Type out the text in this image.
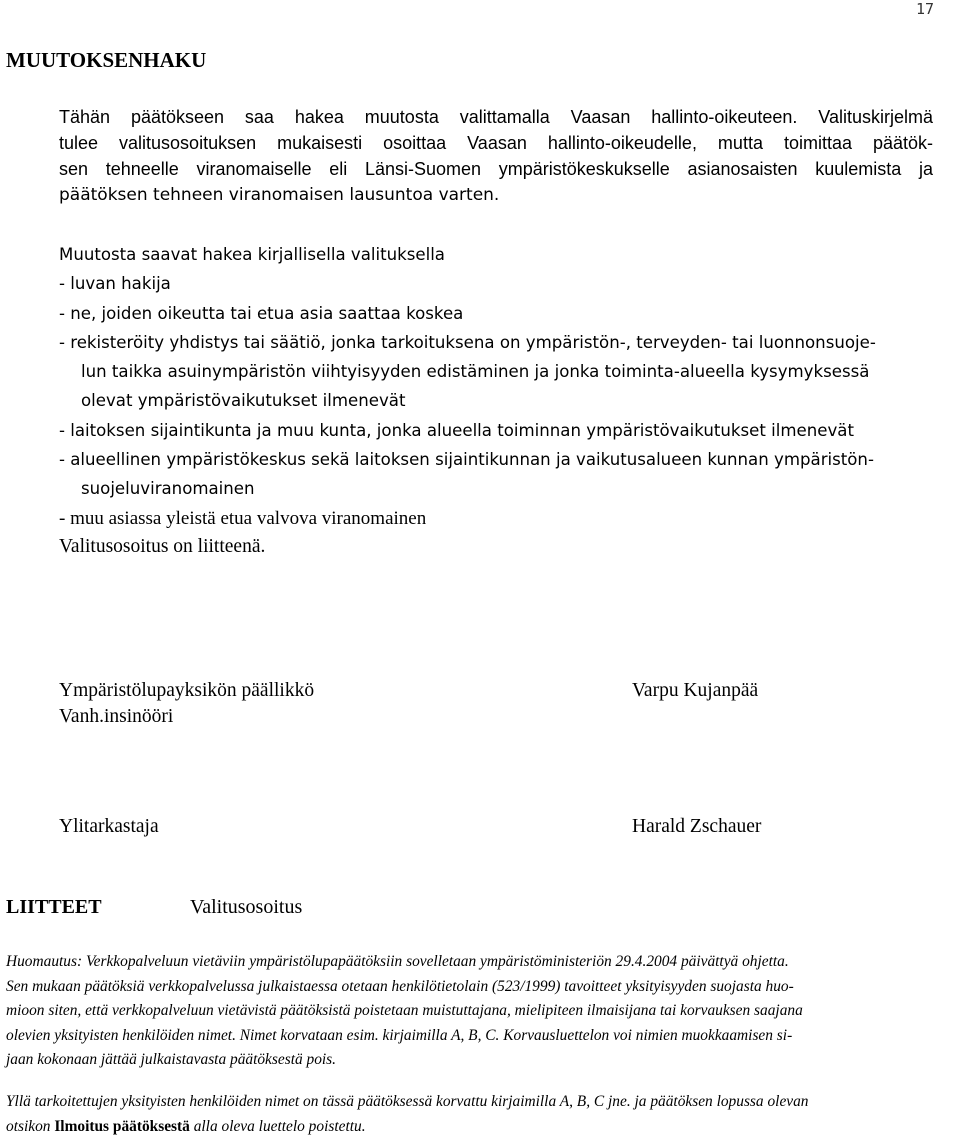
17
MUUTOKSENHAKU

Tähän päätökseen saa hakea muutosta valittamalla Vaasan hallinto-oikeuteen. Valituskirjelmä
tulee valitusosoituksen mukaisesti osoittaa Vaasan hallinto-oikeudelle, mutta toimittaa päätök-
sen tehneelle viranomaiselle eli Länsi-Suomen ympäristökeskukselle asianosaisten kuulemista ja
päätöksen tehneen viranomaisen lausuntoa varten.

Muutosta saavat hakea kirjallisella valituksella
- luvan hakija
- ne, joiden oikeutta tai etua asia saattaa koskea
- rekisteröity yhdistys tai säätiö, jonka tarkoituksena on ympäristön-, terveyden- tai luonnonsuoje-
lun taikka asuinympäristön viihtyisyyden edistäminen ja jonka toiminta-alueella kysymyksessä
olevat ympäristövaikutukset ilmenevät
- laitoksen sijaintikunta ja muu kunta, jonka alueella toiminnan ympäristövaikutukset ilmenevät
- alueellinen ympäristökeskus sekä laitoksen sijaintikunnan ja vaikutusalueen kunnan ympäristön-
suojeluviranomainen
- muu asiassa yleistä etua valvova viranomainen
Valitusosoitus on liitteenä.
Ympäristölupayksikön päällikkö
Vanh.insinööri
Varpu Kujanpää
Ylitarkastaja	Harald Zschauer
LIITTEET	Valitusosoitus

Huomautus: Verkkopalveluun vietäviin ympäristölupapäätöksiin sovelletaan ympäristöministeriön 29.4.2004 päivättyä ohjetta.
Sen mukaan päätöksiä verkkopalvelussa julkaistaessa otetaan henkilötietolain (523/1999) tavoitteet yksityisyyden suojasta huo-
mioon siten, että verkkopalveluun vietävistä päätöksistä poistetaan muistuttajana, mielipiteen ilmaisijana tai korvauksen saajana
olevien yksityisten henkilöiden nimet. Nimet korvataan esim. kirjaimilla A, B, C. Korvausluettelon voi nimien muokkaamisen si-
jaan kokonaan jättää julkaistavasta päätöksestä pois.

Yllä tarkoitettujen yksityisten henkilöiden nimet on tässä päätöksessä korvattu kirjaimilla A, B, C jne. ja päätöksen lopussa olevan
otsikon Ilmoitus päätöksestä alla oleva luettelo poistettu.
